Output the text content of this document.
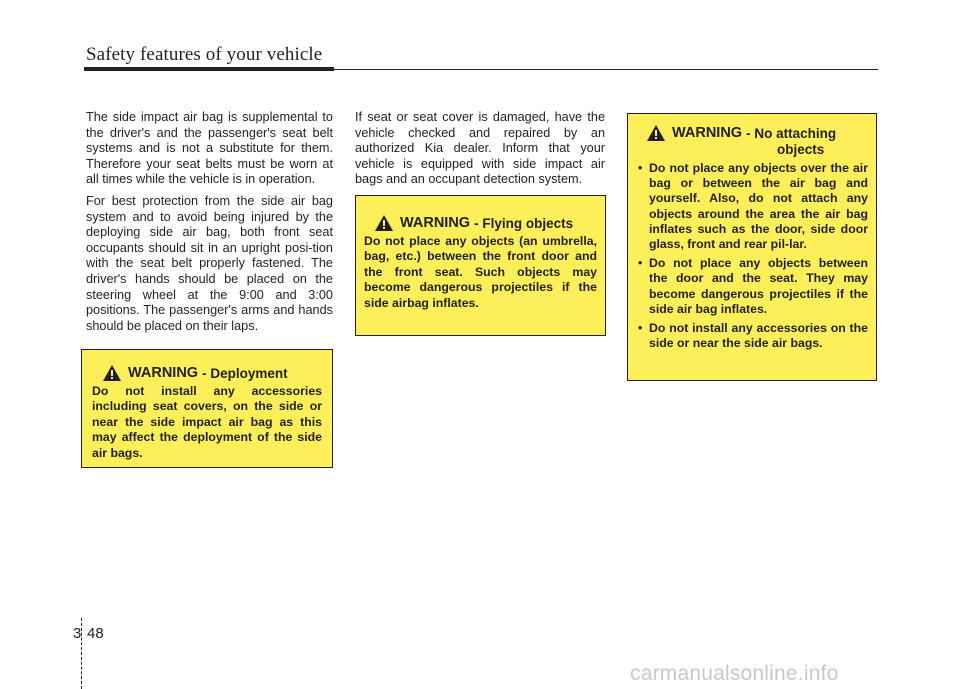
Safety features of your vehicle

The side impact air bag is supplemental to the driver's and the passenger's seat belt systems and is not a substitute for them. Therefore your seat belts must be worn at all times while the vehicle is in operation.

For best protection from the side air bag system and to avoid being injured by the deploying side air bag, both front seat occupants should sit in an upright posi-tion with the seat belt properly fastened. The driver's hands should be placed on the steering wheel at the 9:00 and 3:00 positions. The passenger's arms and hands should be placed on their laps.

WARNING - Deployment
Do not install any accessories including seat covers, on the side or near the side impact air bag as this may affect the deployment of the side air bags.

If seat or seat cover is damaged, have the vehicle checked and repaired by an authorized Kia dealer. Inform that your vehicle is equipped with side impact air bags and an occupant detection system.

WARNING - Flying objects
Do not place any objects (an umbrella, bag, etc.) between the front door and the front seat. Such objects may become dangerous projectiles if the side airbag inflates.
WARNING - No attaching
objects
• Do not place any objects over the air bag or between the air bag and yourself. Also, do not attach any objects around the area the air bag inflates such as the door, side door glass, front and rear pil-lar.
• Do not place any objects between the door and the seat. They may become dangerous projectiles if the side air bag inflates.
• Do not install any accessories on the side or near the side air bags.
3 48
carmanualsonline.info
